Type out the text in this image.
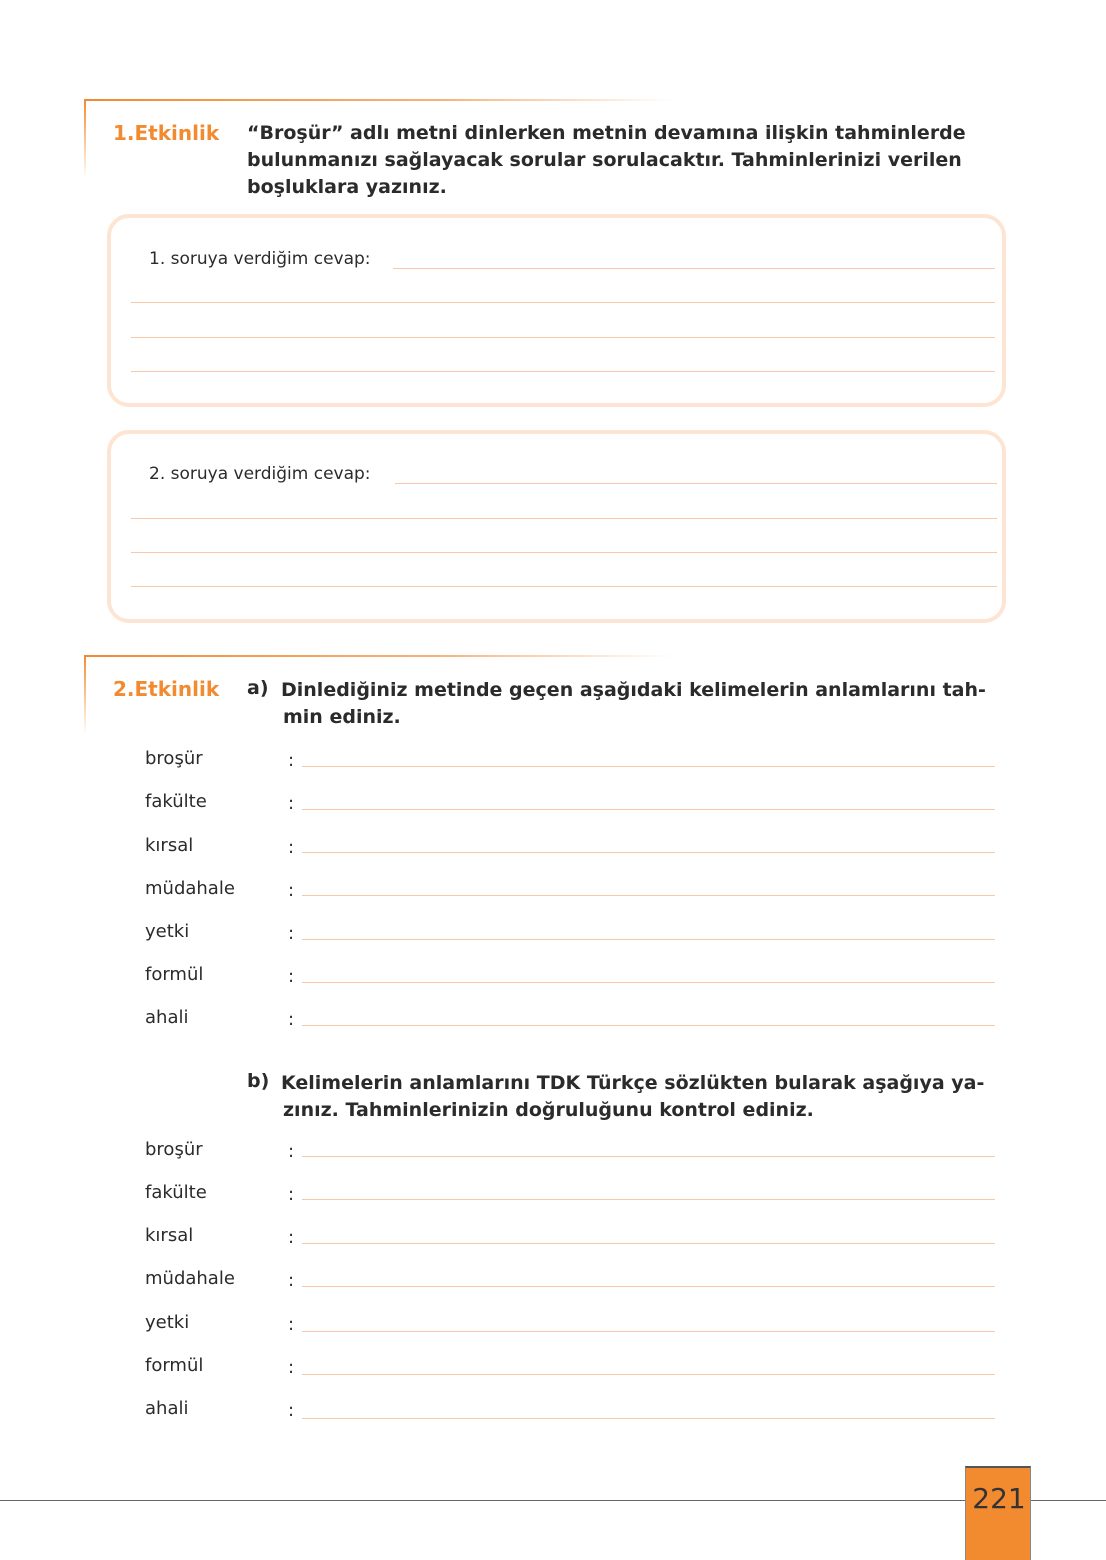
1.Etkinlik “Broşür” adlı metni dinlerken metnin devamına ilişkin tahminlerde
bulunmanızı sağlayacak sorular sorulacaktır. Tahminlerinizi verilen
boşluklara yazınız.
1. soruya verdiğim cevap:
2. soruya verdiğim cevap:
2.Etkinlik a) Dinlediğiniz metinde geçen aşağıdaki kelimelerin anlamlarını tah-
min ediniz.
broşür	:
fakülte	:
kırsal	:
müdahale	:
yetki	:
formül	:
ahali	:
b) Kelimelerin anlamlarını TDK Türkçe sözlükten bularak aşağıya ya-
zınız. Tahminlerinizin doğruluğunu kontrol ediniz.
broşür	:
fakülte	:
kırsal	:
müdahale	:
yetki	:
formül	:
ahali	:
221
